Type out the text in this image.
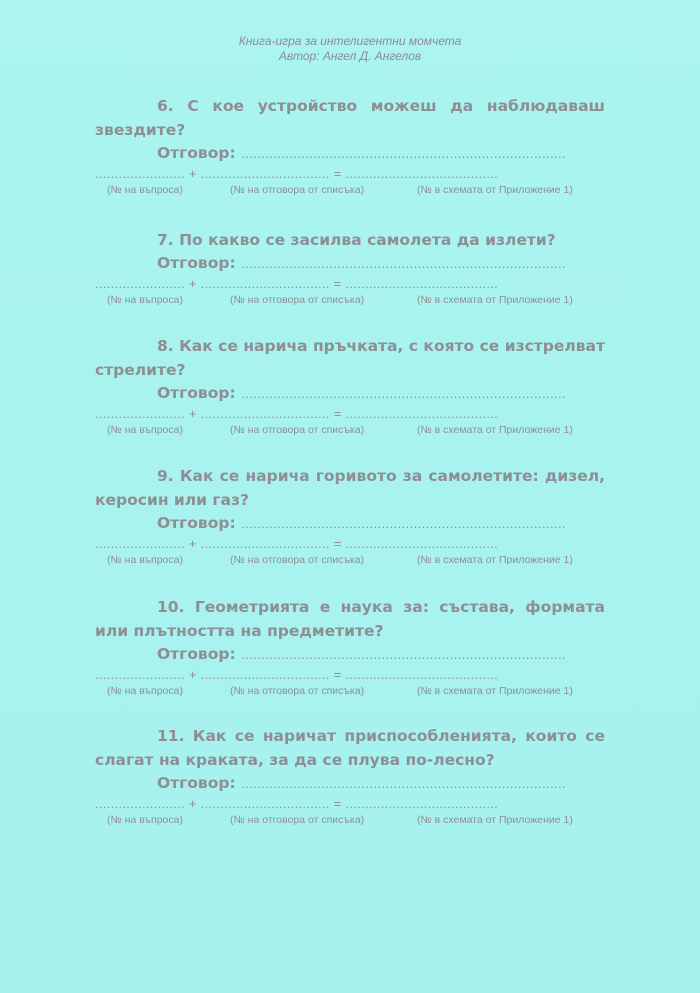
Книга-игра за интелигентни момчета
Автор: Ангел Д. Ангелов

6. С кое устройство можеш да наблюдаваш звездите?

Отговор: .................................................................................
....................... + ................................. = .......................................
(№ на въпроса)	(№ на отговора от списъка)	(№ в схемата от Приложение 1)

7. По какво се засилва самолета да излети?

Отговор: .................................................................................
....................... + ................................. = .......................................
(№ на въпроса)	(№ на отговора от списъка)	(№ в схемата от Приложение 1)

8. Как се нарича пръчката, с която се изстрелват стрелите?

Отговор: .................................................................................
....................... + ................................. = .......................................
(№ на въпроса)	(№ на отговора от списъка)	(№ в схемата от Приложение 1)

9. Как се нарича горивото за самолетите: дизел, керосин или газ?

Отговор: .................................................................................
....................... + ................................. = .......................................
(№ на въпроса)	(№ на отговора от списъка)	(№ в схемата от Приложение 1)

10. Геометрията е наука за: състава, формата или плътността на предметите?

Отговор: .................................................................................
....................... + ................................. = .......................................
(№ на въпроса)	(№ на отговора от списъка)	(№ в схемата от Приложение 1)

11. Как се наричат приспособленията, които се слагат на краката, за да се плува по-лесно?

Отговор: .................................................................................
....................... + ................................. = .......................................
(№ на въпроса)	(№ на отговора от списъка)	(№ в схемата от Приложение 1)
